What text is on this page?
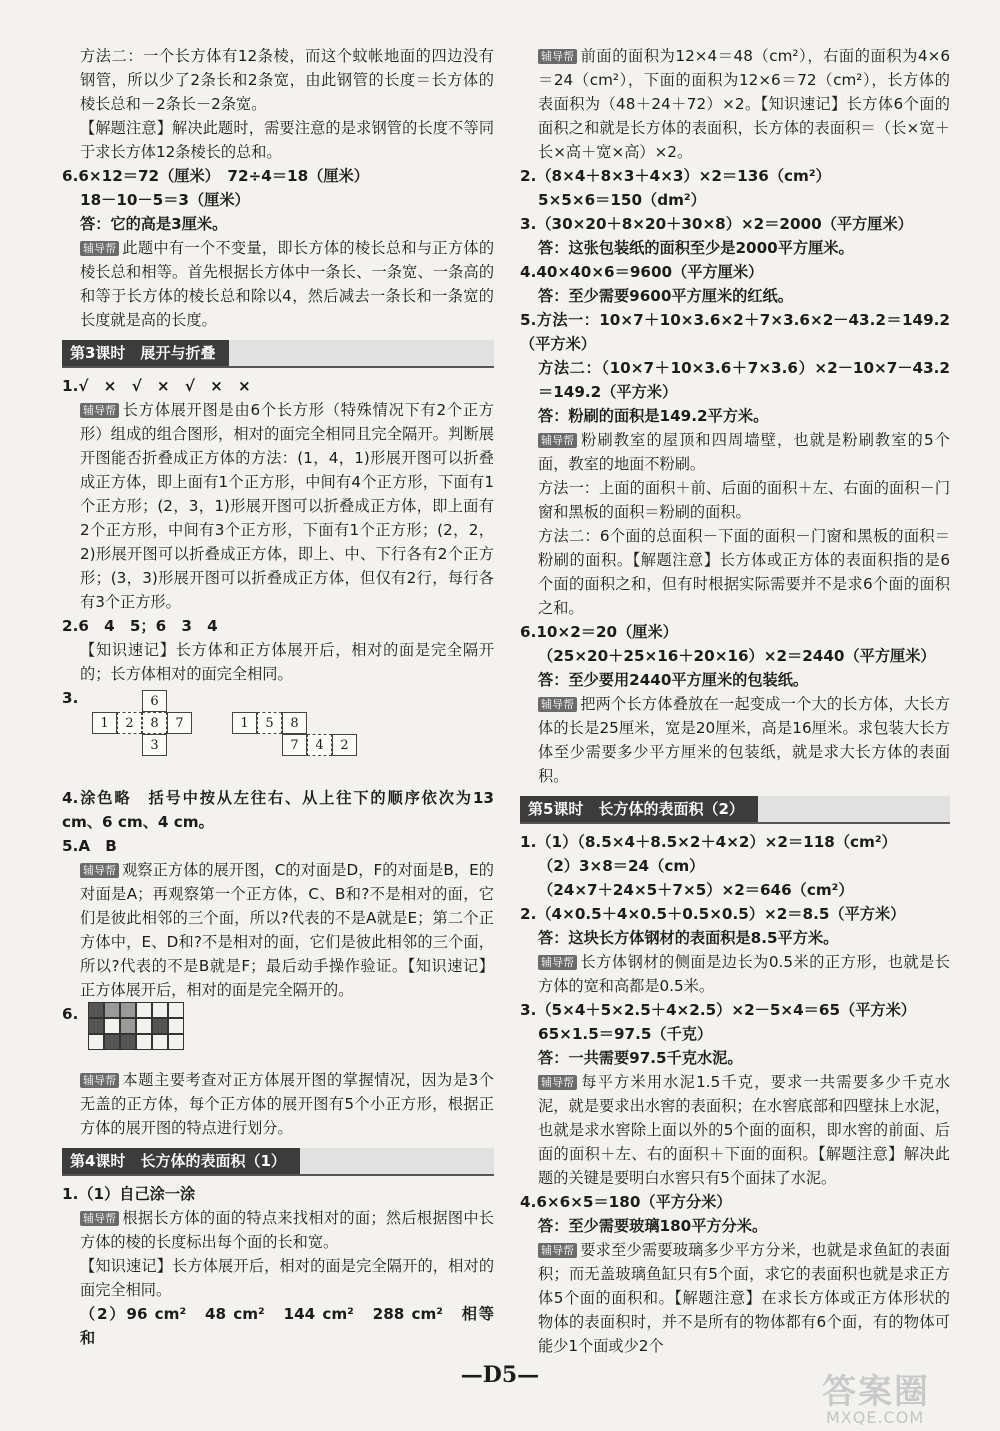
方法二：一个长方体有12条棱，而这个蚊帐地面的四边没有钢管，所以少了2条长和2条宽，由此钢管的长度＝长方体的棱长总和－2条长－2条宽。

【解题注意】解决此题时，需要注意的是求钢管的长度不等同于求长方体12条棱长的总和。

6.6×12＝72（厘米）　72÷4＝18（厘米）

18－10－5＝3（厘米）

答：它的高是3厘米。

辅导帮 此题中有一个不变量，即长方体的棱长总和与正方体的棱长总和相等。首先根据长方体中一条长、一条宽、一条高的和等于长方体的棱长总和除以4，然后减去一条长和一条宽的长度就是高的长度。

第3课时　展开与折叠

1.√　×　√　×　√　×　×

辅导帮 长方体展开图是由6个长方形（特殊情况下有2个正方形）组成的组合图形，相对的面完全相同且完全隔开。判断展开图能否折叠成正方体的方法：(1，4，1)形展开图可以折叠成正方体，即上面有1个正方形，中间有4个正方形，下面有1个正方形；(2，3，1)形展开图可以折叠成正方体，即上面有2个正方形，中间有3个正方形，下面有1个正方形；(2，2，2)形展开图可以折叠成正方体，即上、中、下行各有2个正方形；(3，3)形展开图可以折叠成正方体，但仅有2行，每行各有3个正方形。

2.6　4　5；6　3　4

【知识速记】长方体和正方体展开后，相对的面是完全隔开的；长方体相对的面完全相同。

3.	6
1	2	8	7
3
1	5	8
7	4	2

4.涂色略　括号中按从左往右、从上往下的顺序依次为13 cm、6 cm、4 cm。

5.A　B

辅导帮 观察正方体的展开图，C的对面是D，F的对面是B，E的对面是A；再观察第一个正方体，C、B和?不是相对的面，它们是彼此相邻的三个面，所以?代表的不是A就是E；第二个正方体中，E、D和?不是相对的面，它们是彼此相邻的三个面，所以?代表的不是B就是F；最后动手操作验证。【知识速记】正方体展开后，相对的面是完全隔开的。

6.

辅导帮 本题主要考查对正方体展开图的掌握情况，因为是3个无盖的正方体，每个正方体的展开图有5个小正方形，根据正方体的展开图的特点进行划分。

第4课时　长方体的表面积（1）

1.（1）自己涂一涂

辅导帮 根据长方体的面的特点来找相对的面；然后根据图中长方体的棱的长度标出每个面的长和宽。

【知识速记】长方体展开后，相对的面是完全隔开的，相对的面完全相同。

（2）96 cm²　48 cm²　144 cm²　288 cm²　相等　和

辅导帮 前面的面积为12×4＝48（cm²），右面的面积为4×6＝24（cm²），下面的面积为12×6＝72（cm²），长方体的表面积为（48＋24＋72）×2。【知识速记】长方体6个面的面积之和就是长方体的表面积，长方体的表面积＝（长×宽＋长×高＋宽×高）×2。

2.（8×4＋8×3＋4×3）×2＝136（cm²）

5×5×6＝150（dm²）

3.（30×20＋8×20＋30×8）×2＝2000（平方厘米）

答：这张包装纸的面积至少是2000平方厘米。

4.40×40×6＝9600（平方厘米）

答：至少需要9600平方厘米的红纸。

5.方法一：10×7＋10×3.6×2＋7×3.6×2－43.2＝149.2（平方米）

方法二：（10×7＋10×3.6＋7×3.6）×2－10×7－43.2＝149.2（平方米）

答：粉刷的面积是149.2平方米。

辅导帮 粉刷教室的屋顶和四周墙壁，也就是粉刷教室的5个面，教室的地面不粉刷。

方法一：上面的面积＋前、后面的面积＋左、右面的面积－门窗和黑板的面积＝粉刷的面积。

方法二：6个面的总面积－下面的面积－门窗和黑板的面积＝粉刷的面积。【解题注意】长方体或正方体的表面积指的是6个面的面积之和，但有时根据实际需要并不是求6个面的面积之和。

6.10×2＝20（厘米）

（25×20＋25×16＋20×16）×2＝2440（平方厘米）

答：至少要用2440平方厘米的包装纸。

辅导帮 把两个长方体叠放在一起变成一个大的长方体，大长方体的长是25厘米，宽是20厘米，高是16厘米。求包装大长方体至少需要多少平方厘米的包装纸，就是求大长方体的表面积。

第5课时　长方体的表面积（2）

1.（1）（8.5×4＋8.5×2＋4×2）×2＝118（cm²）

（2）3×8＝24（cm）

（24×7＋24×5＋7×5）×2＝646（cm²）

2.（4×0.5＋4×0.5＋0.5×0.5）×2＝8.5（平方米）

答：这块长方体钢材的表面积是8.5平方米。

辅导帮 长方体钢材的侧面是边长为0.5米的正方形，也就是长方体的宽和高都是0.5米。

3.（5×4＋5×2.5＋4×2.5）×2－5×4＝65（平方米）

65×1.5＝97.5（千克）

答：一共需要97.5千克水泥。

辅导帮 每平方米用水泥1.5千克，要求一共需要多少千克水泥，就是要求出水窖的表面积；在水窖底部和四壁抹上水泥，也就是求水窖除上面以外的5个面的面积，即水窖的前面、后面的面积＋左、右的面积＋下面的面积。【解题注意】解决此题的关键是要明白水窖只有5个面抹了水泥。

4.6×6×5＝180（平方分米）

答：至少需要玻璃180平方分米。

辅导帮 要求至少需要玻璃多少平方分米，也就是求鱼缸的表面积；而无盖玻璃鱼缸只有5个面，求它的表面积也就是求正方体5个面的面积和。【解题注意】在求长方体或正方体形状的物体的表面积时，并不是所有的物体都有6个面，有的物体可能少1个面或少2个

—D5—	答案圈
MXQE.COM
